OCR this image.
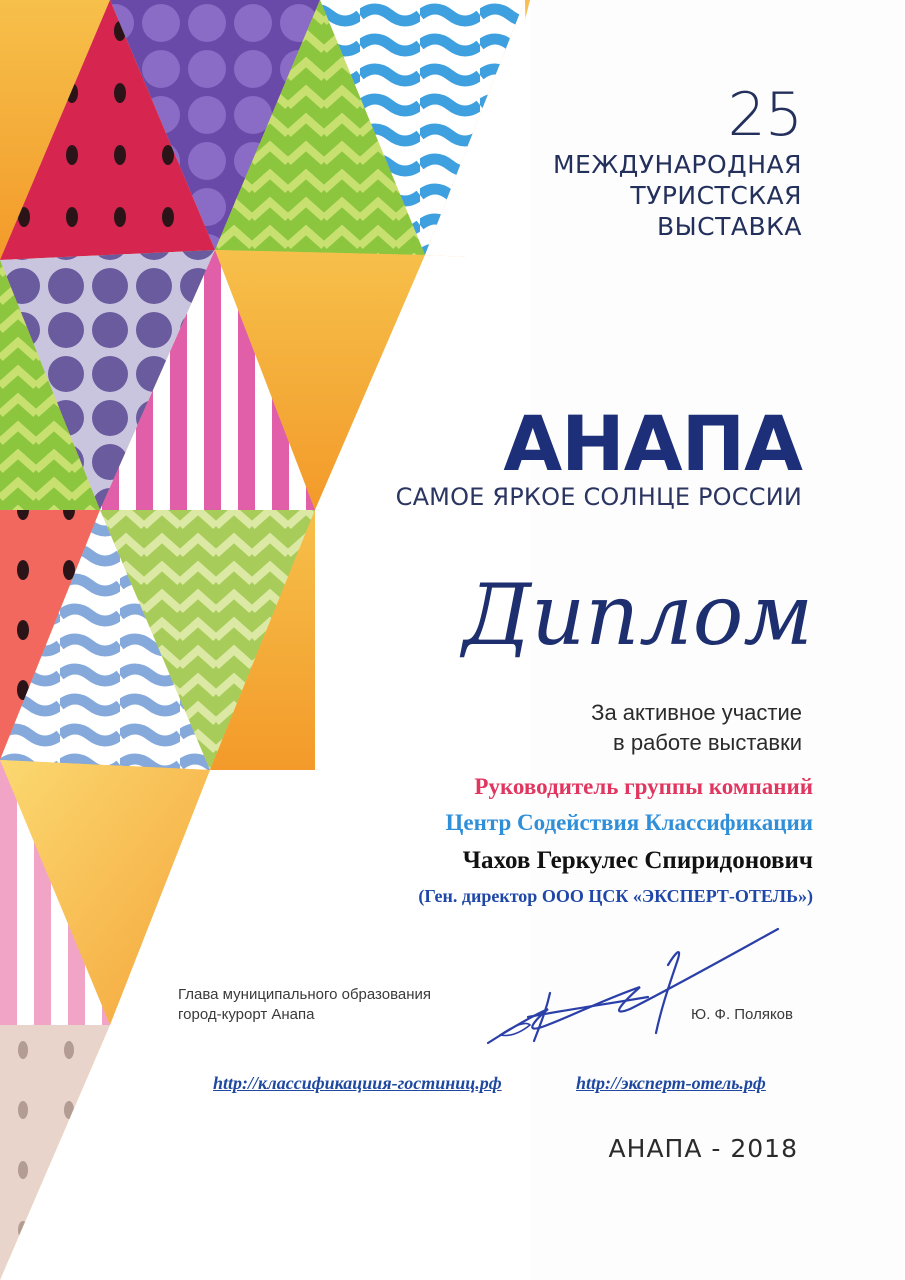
25
МЕЖДУНАРОДНАЯ
ТУРИСТСКАЯ
ВЫСТАВКА
АНАПА
САМОЕ ЯРКОЕ СОЛНЦЕ РОССИИ
Диплом
За активное участие
в работе выставки
Руководитель группы компаний
Центр Содействия Классификации
Чахов Геркулес Спиридонович
(Ген. директор ООО ЦСК «ЭКСПЕРТ-ОТЕЛЬ»)
Глава муниципального образования
город-курорт Анапа	Ю. Ф. Поляков
http://классификациия-гостиниц.рф	http://эксперт-отель.рф
АНАПА - 2018
